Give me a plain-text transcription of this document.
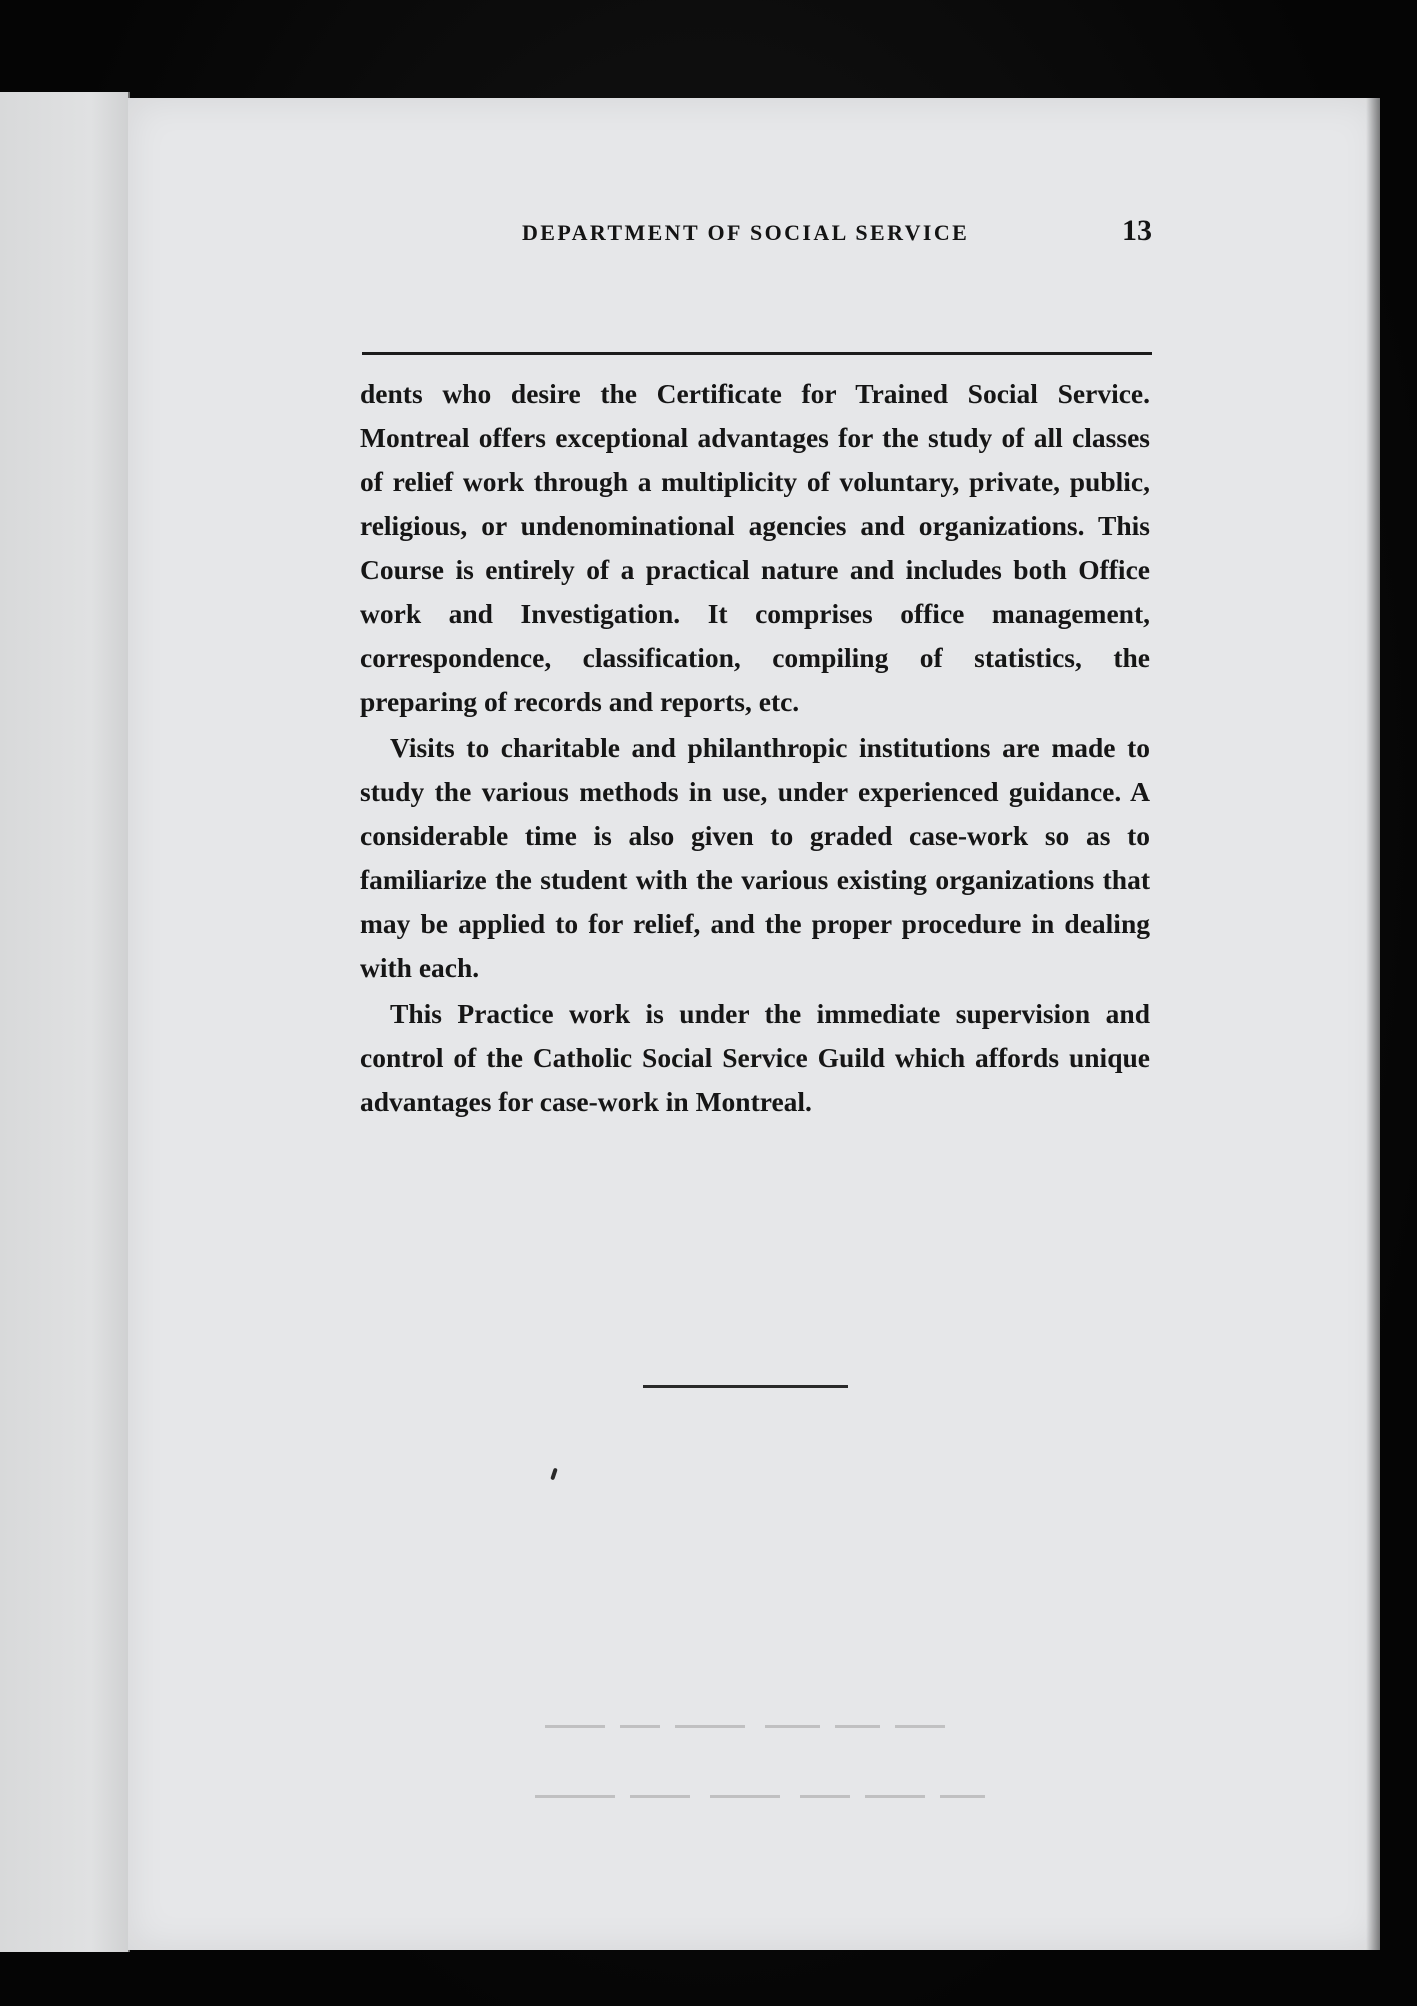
DEPARTMENT OF SOCIAL SERVICE	13

dents who desire the Certificate for Trained Social Service. Montreal offers exceptional advantages for the study of all classes of relief work through a multiplicity of voluntary, private, public, religious, or undenominational agencies and organizations. This Course is entirely of a practical nature and includes both Office work and Investigation. It comprises office management, correspondence, classification, compiling of statistics, the preparing of records and reports, etc.

Visits to charitable and philanthropic institutions are made to study the various methods in use, under experienced guidance. A considerable time is also given to graded case-work so as to familiarize the student with the various existing organizations that may be applied to for relief, and the proper procedure in dealing with each.

This Practice work is under the immediate supervision and control of the Catholic Social Service Guild which affords unique advantages for case-work in Montreal.
